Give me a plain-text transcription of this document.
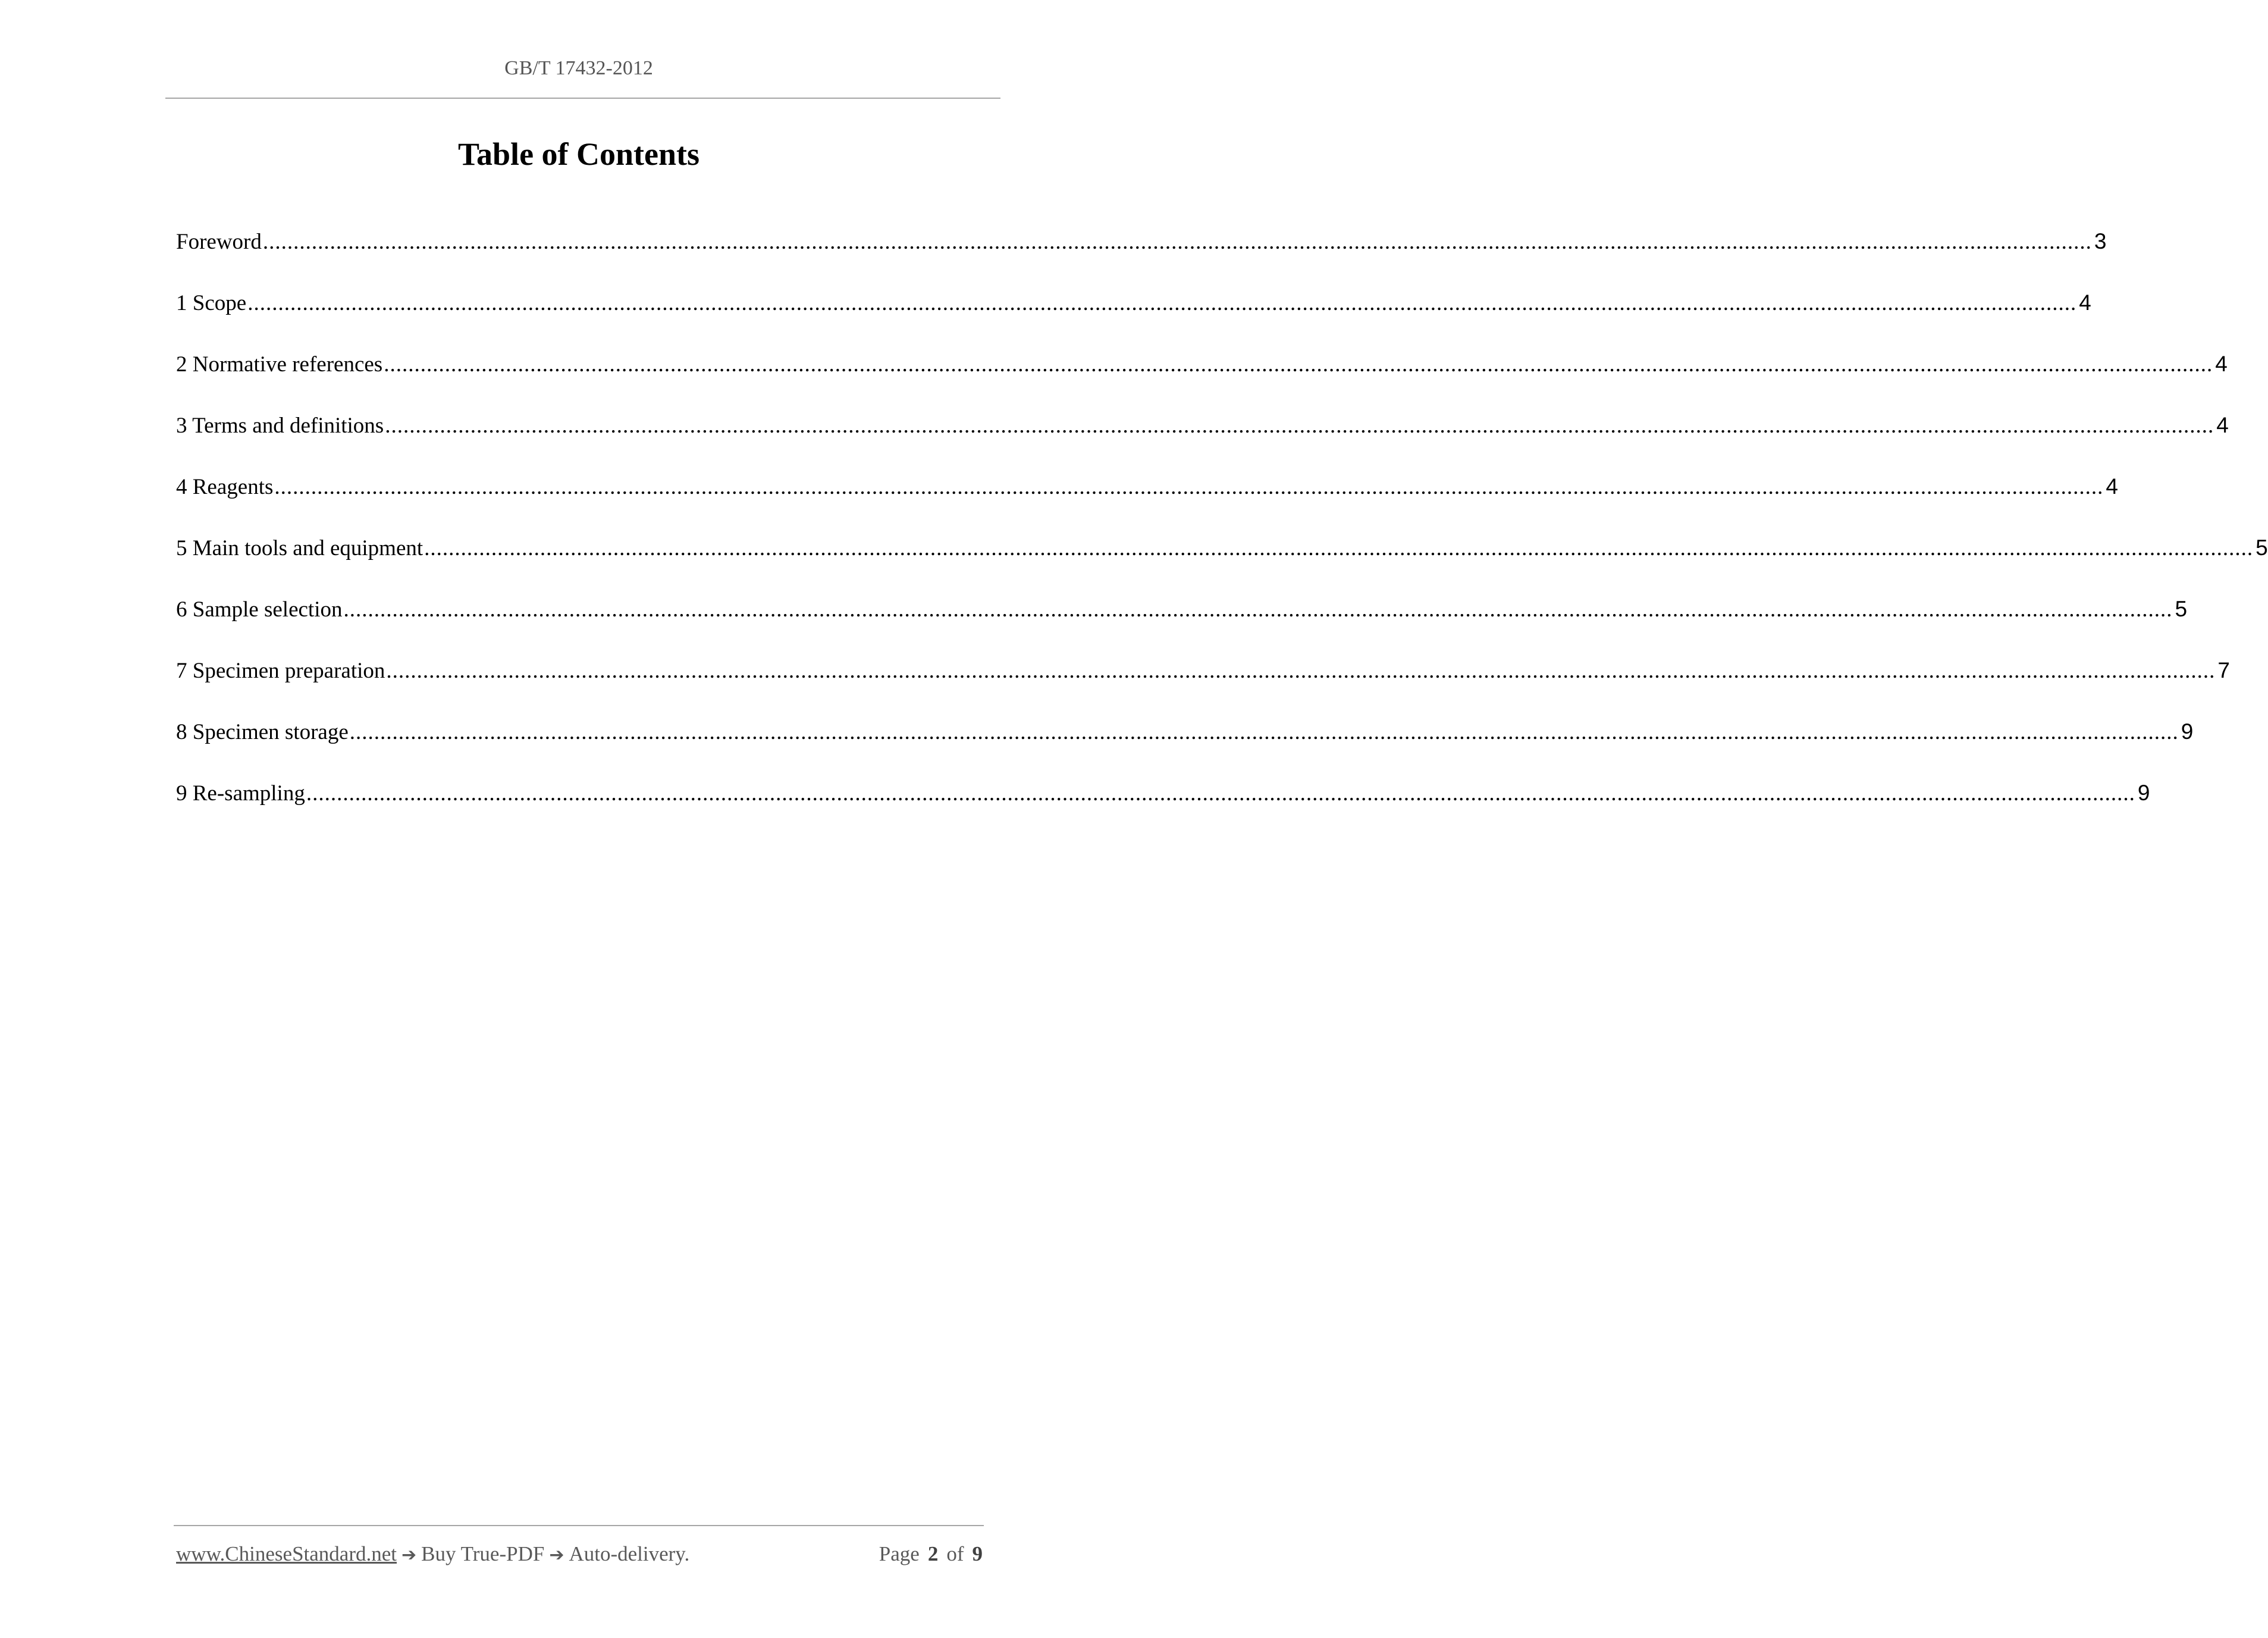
GB/T 17432-2012
Table of Contents
Foreword ............................................................................................................................................................................................................................................................................................................ 3
1 Scope ............................................................................................................................................................................................................................................................................................................ 4
2 Normative references ............................................................................................................................................................................................................................................................................................................ 4
3 Terms and definitions ............................................................................................................................................................................................................................................................................................................ 4
4 Reagents ............................................................................................................................................................................................................................................................................................................ 4
5 Main tools and equipment ............................................................................................................................................................................................................................................................................................................ 5
6 Sample selection ............................................................................................................................................................................................................................................................................................................ 5
7 Specimen preparation ............................................................................................................................................................................................................................................................................................................ 7
8 Specimen storage ............................................................................................................................................................................................................................................................................................................ 9
9 Re-sampling ............................................................................................................................................................................................................................................................................................................ 9
www.ChineseStandard.net ➔ Buy True-PDF ➔ Auto-delivery.	Page 2 of 9
